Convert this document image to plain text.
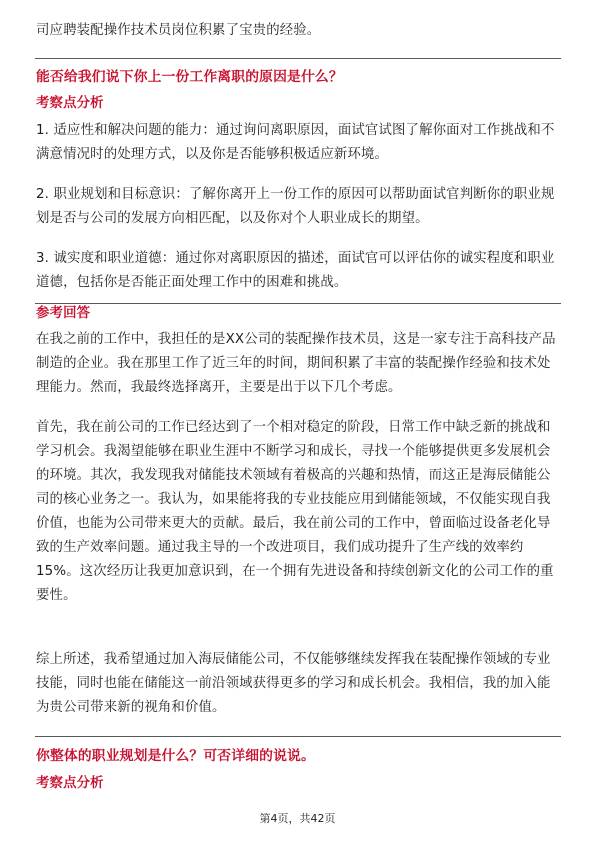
司应聘装配操作技术员岗位积累了宝贵的经验。
能否给我们说下你上一份工作离职的原因是什么？
考察点分析
1. 适应性和解决问题的能力：通过询问离职原因，面试官试图了解你面对工作挑战和不满意情况时的处理方式，以及你是否能够积极适应新环境。
2. 职业规划和目标意识：了解你离开上一份工作的原因可以帮助面试官判断你的职业规划是否与公司的发展方向相匹配，以及你对个人职业成长的期望。
3. 诚实度和职业道德：通过你对离职原因的描述，面试官可以评估你的诚实程度和职业道德，包括你是否能正面处理工作中的困难和挑战。
参考回答
在我之前的工作中，我担任的是XX公司的装配操作技术员，这是一家专注于高科技产品制造的企业。我在那里工作了近三年的时间，期间积累了丰富的装配操作经验和技术处理能力。然而，我最终选择离开，主要是出于以下几个考虑。
首先，我在前公司的工作已经达到了一个相对稳定的阶段，日常工作中缺乏新的挑战和学习机会。我渴望能够在职业生涯中不断学习和成长，寻找一个能够提供更多发展机会的环境。其次，我发现我对储能技术领域有着极高的兴趣和热情，而这正是海辰储能公司的核心业务之一。我认为，如果能将我的专业技能应用到储能领域，不仅能实现自我价值，也能为公司带来更大的贡献。最后，我在前公司的工作中，曾面临过设备老化导致的生产效率问题。通过我主导的一个改进项目，我们成功提升了生产线的效率约15%。这次经历让我更加意识到，在一个拥有先进设备和持续创新文化的公司工作的重要性。
综上所述，我希望通过加入海辰储能公司，不仅能够继续发挥我在装配操作领域的专业技能，同时也能在储能这一前沿领域获得更多的学习和成长机会。我相信，我的加入能为贵公司带来新的视角和价值。
你整体的职业规划是什么？可否详细的说说。
考察点分析
第4页，共42页
